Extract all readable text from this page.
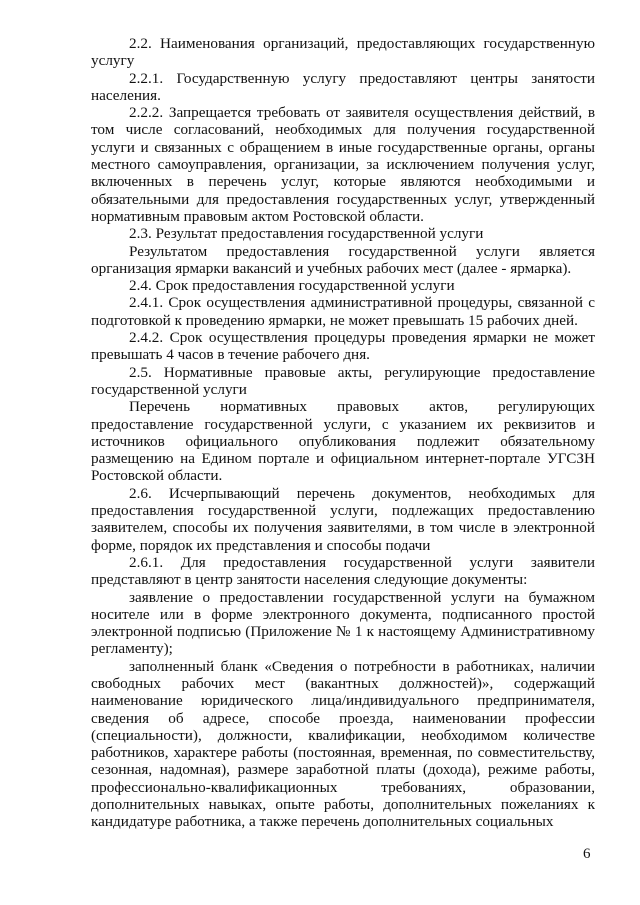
2.2. Наименования организаций, предоставляющих государственную услугу

2.2.1. Государственную услугу предоставляют центры занятости населения.

2.2.2. Запрещается требовать от заявителя осуществления действий, в том числе согласований, необходимых для получения государственной услуги и связанных с обращением в иные государственные органы, органы местного самоуправления, организации, за исключением получения услуг, включенных в перечень услуг, которые являются необходимыми и обязательными для предоставления государственных услуг, утвержденный нормативным правовым актом Ростовской области.

2.3. Результат предоставления государственной услуги

Результатом предоставления государственной услуги является организация ярмарки вакансий и учебных рабочих мест (далее - ярмарка).

2.4. Срок предоставления государственной услуги

2.4.1. Срок осуществления административной процедуры, связанной с подготовкой к проведению ярмарки, не может превышать 15 рабочих дней.

2.4.2. Срок осуществления процедуры проведения ярмарки не может превышать 4 часов в течение рабочего дня.

2.5. Нормативные правовые акты, регулирующие предоставление государственной услуги

Перечень нормативных правовых актов, регулирующих предоставление государственной услуги, с указанием их реквизитов и источников официального опубликования подлежит обязательному размещению на Едином портале и официальном интернет-портале УГСЗН Ростовской области.

2.6. Исчерпывающий перечень документов, необходимых для предоставления государственной услуги, подлежащих предоставлению заявителем, способы их получения заявителями, в том числе в электронной форме, порядок их представления и способы подачи

2.6.1. Для предоставления государственной услуги заявители представляют в центр занятости населения следующие документы:

заявление о предоставлении государственной услуги на бумажном носителе или в форме электронного документа, подписанного простой электронной подписью (Приложение № 1 к настоящему Административному регламенту);

заполненный бланк «Сведения о потребности в работниках, наличии свободных рабочих мест (вакантных должностей)», содержащий наименование юридического лица/индивидуального предпринимателя, сведения об адресе, способе проезда, наименовании профессии (специальности), должности, квалификации, необходимом количестве работников, характере работы (постоянная, временная, по совместительству, сезонная, надомная), размере заработной платы (дохода), режиме работы, профессионально-квалификационных требованиях, образовании, дополнительных навыках, опыте работы, дополнительных пожеланиях к кандидатуре работника, а также перечень дополнительных социальных

6
